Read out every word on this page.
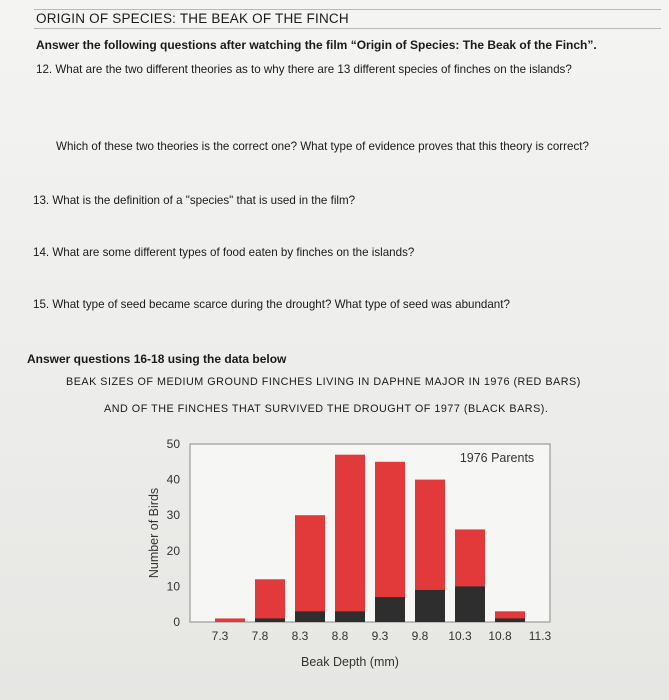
ORIGIN OF SPECIES: THE BEAK OF THE FINCH
Answer the following questions after watching the film “Origin of Species: The Beak of the Finch”.
12. What are the two different theories as to why there are 13 different species of finches on the islands?
Which of these two theories is the correct one? What type of evidence proves that this theory is correct?
13. What is the definition of a "species" that is used in the film?
14. What are some different types of food eaten by finches on the islands?
15. What type of seed became scarce during the drought? What type of seed was abundant?
Answer questions 16-18 using the data below
BEAK SIZES OF MEDIUM GROUND FINCHES LIVING IN DAPHNE MAJOR IN 1976 (RED BARS)
AND OF THE FINCHES THAT SURVIVED THE DROUGHT OF 1977 (BLACK BARS).
0
10
20
30
40
50
7.3 7.8 8.3 8.8 9.3 9.8 10.3 10.8 11.3
1976 Parents
Beak Depth (mm)
Number of Birds
